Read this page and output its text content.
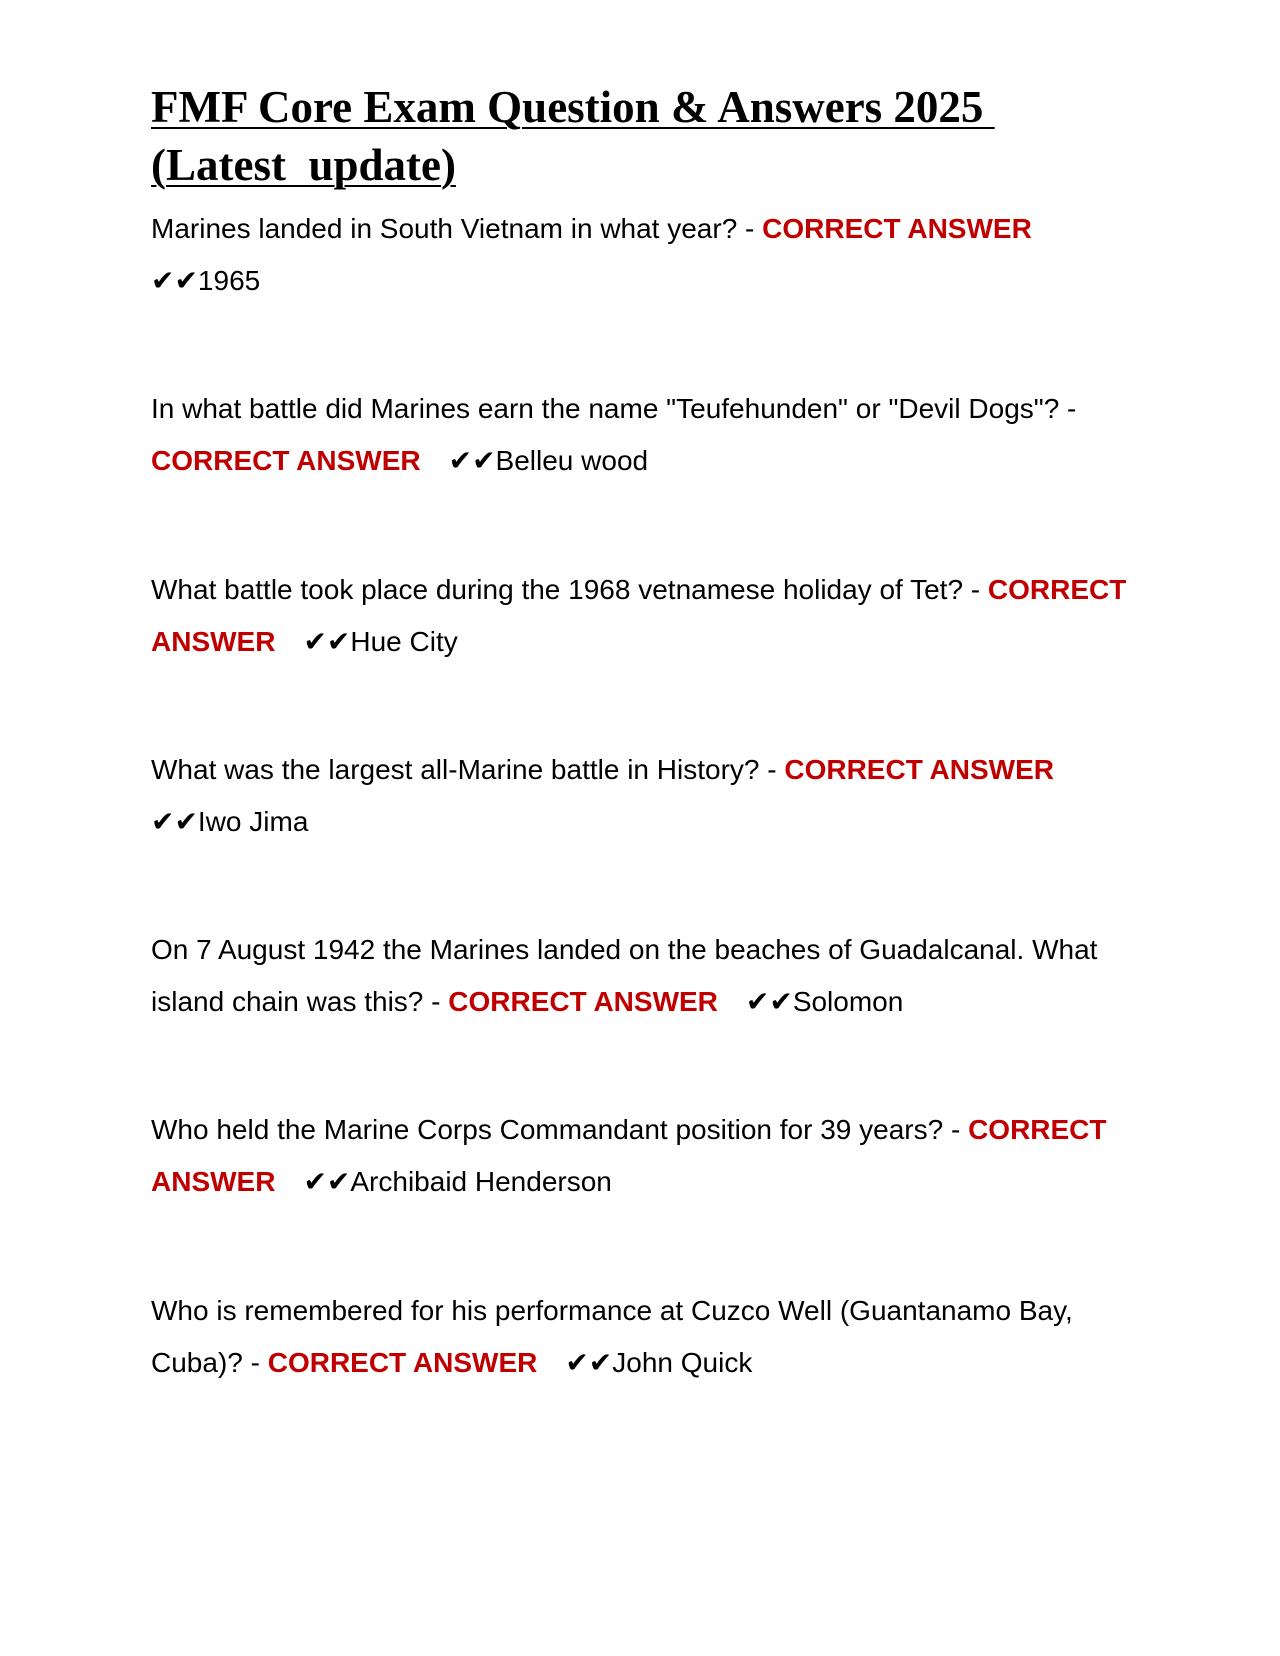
FMF Core Exam Question & Answers 2025
(Latest  update)

Marines landed in South Vietnam in what year? - CORRECT ANSWER
✔✔1965

In what battle did Marines earn the name "Teufehunden" or "Devil Dogs"? - CORRECT ANSWER ✔✔Belleu wood

What battle took place during the 1968 vetnamese holiday of Tet? - CORRECT ANSWER ✔✔Hue City

What was the largest all-Marine battle in History? - CORRECT ANSWER
✔✔Iwo Jima

On 7 August 1942 the Marines landed on the beaches of Guadalcanal. What island chain was this? - CORRECT ANSWER ✔✔Solomon

Who held the Marine Corps Commandant position for 39 years? - CORRECT ANSWER ✔✔Archibaid Henderson

Who is remembered for his performance at Cuzco Well (Guantanamo Bay, Cuba)? - CORRECT ANSWER ✔✔John Quick
